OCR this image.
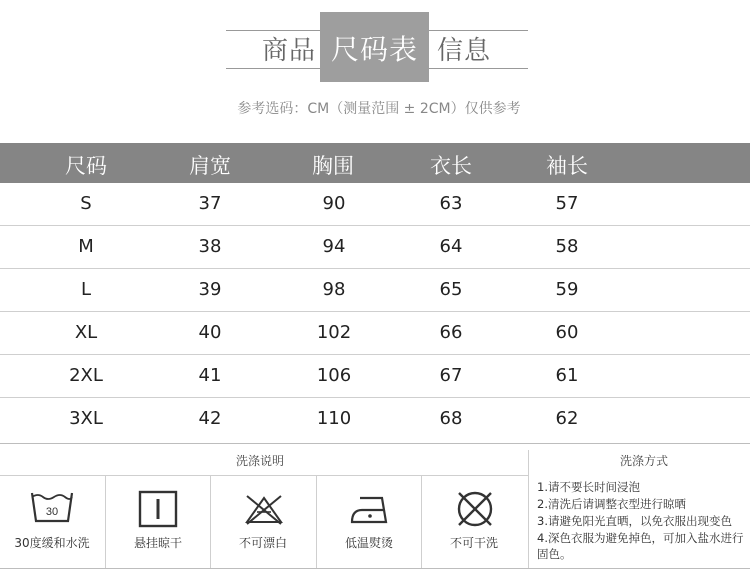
商品 尺码表 信息
参考选码：CM（测量范围 ± 2CM）仅供参考
尺码	肩宽	胸围	衣长	袖长
S	37	90	63	57
M	38	94	64	58
L	39	98	65	59
XL	40	102	66	60
2XL	41	106	67	61
3XL	42	110	68	62
洗涤说明	洗涤方式
30
30度缓和水洗	悬挂晾干	不可漂白	低温熨烫	不可干洗
1.请不要长时间浸泡
2.清洗后请调整衣型进行晾晒
3.请避免阳光直晒，以免衣服出现变色
4.深色衣服为避免掉色，可加入盐水进行固色。
